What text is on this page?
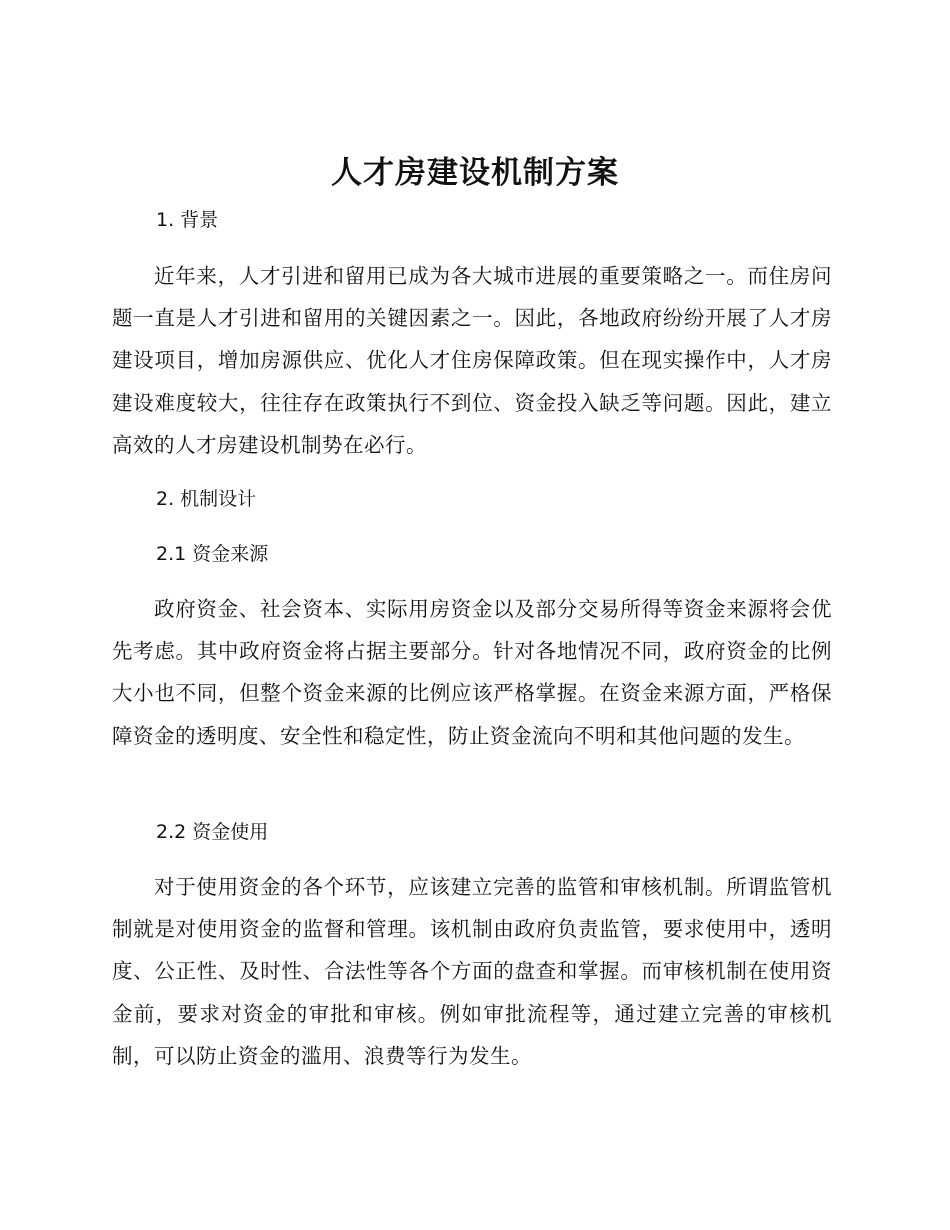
人才房建设机制方案
1. 背景

近年来，人才引进和留用已成为各大城市进展的重要策略之一。而住房问题一直是人才引进和留用的关键因素之一。因此，各地政府纷纷开展了人才房建设项目，增加房源供应、优化人才住房保障政策。但在现实操作中，人才房建设难度较大，往往存在政策执行不到位、资金投入缺乏等问题。因此，建立高效的人才房建设机制势在必行。

2. 机制设计
2.1 资金来源

政府资金、社会资本、实际用房资金以及部分交易所得等资金来源将会优先考虑。其中政府资金将占据主要部分。针对各地情况不同，政府资金的比例大小也不同，但整个资金来源的比例应该严格掌握。在资金来源方面，严格保障资金的透明度、安全性和稳定性，防止资金流向不明和其他问题的发生。

2.2 资金使用

对于使用资金的各个环节，应该建立完善的监管和审核机制。所谓监管机制就是对使用资金的监督和管理。该机制由政府负责监管，要求使用中，透明度、公正性、及时性、合法性等各个方面的盘查和掌握。而审核机制在使用资金前，要求对资金的审批和审核。例如审批流程等，通过建立完善的审核机制，可以防止资金的滥用、浪费等行为发生。
